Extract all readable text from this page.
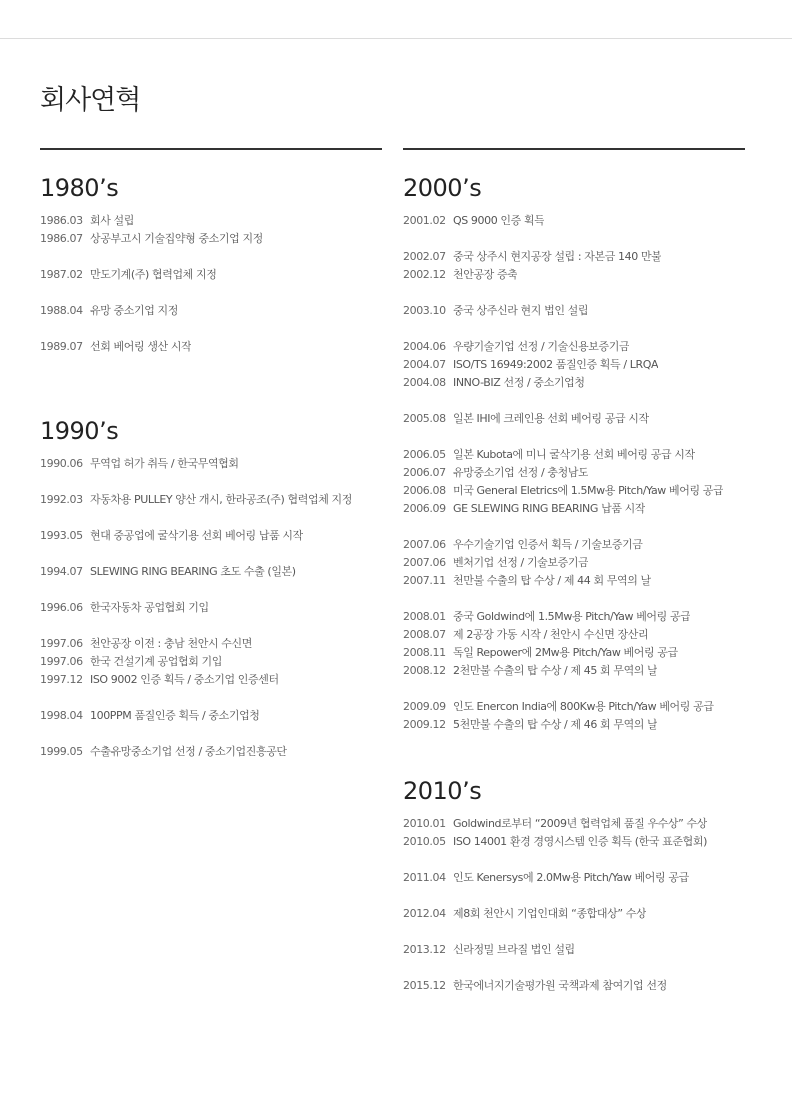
회사연혁
1980’s
1986.03 회사 설립
1986.07 상공부고시 기술집약형 중소기업 지정
1987.02 만도기계(주) 협력업체 지정
1988.04 유망 중소기업 지정
1989.07 선회 베어링 생산 시작
1990’s
1990.06 무역업 허가 취득 / 한국무역협회
1992.03 자동차용 PULLEY 양산 개시, 한라공조(주) 협력업체 지정
1993.05 현대 중공업에 굴삭기용 선회 베어링 납품 시작
1994.07 SLEWING RING BEARING 초도 수출 (일본)
1996.06 한국자동차 공업협회 기입
1997.06 천안공장 이전 : 충남 천안시 수신면
1997.06 한국 건설기계 공업협회 기입
1997.12 ISO 9002 인증 획득 / 중소기업 인증센터
1998.04 100PPM 품질인증 획득 / 중소기업청
1999.05 수출유망중소기업 선정 / 중소기업진흥공단
2000’s
2001.02 QS 9000 인증 획득
2002.07 중국 상주시 현지공장 설립 : 자본금 140 만불
2002.12 천안공장 증축
2003.10 중국 상주신라 현지 법인 설립
2004.06 우량기술기업 선정 / 기술신용보증기금
2004.07 ISO/TS 16949:2002 품질인증 획득 / LRQA
2004.08 INNO-BIZ 선정 / 중소기업청
2005.08 일본 IHI에 크레인용 선회 베어링 공급 시작
2006.05 일본 Kubota에 미니 굴삭기용 선회 베어링 공급 시작
2006.07 유망중소기업 선정 / 충청남도
2006.08 미국 General Eletrics에 1.5Mw용 Pitch/Yaw 베어링 공급
2006.09 GE SLEWING RING BEARING 납품 시작
2007.06 우수기술기업 인증서 획득 / 기술보증기금
2007.06 벤처기업 선정 / 기술보증기금
2007.11 천만불 수출의 탑 수상 / 제 44 회 무역의 날
2008.01 중국 Goldwind에 1.5Mw용 Pitch/Yaw 베어링 공급
2008.07 제 2공장 가동 시작 / 천안시 수신면 장산리
2008.11 독일 Repower에 2Mw용 Pitch/Yaw 베어링 공급
2008.12 2천만불 수출의 탑 수상 / 제 45 회 무역의 날
2009.09 인도 Enercon India에 800Kw용 Pitch/Yaw 베어링 공급
2009.12 5천만불 수출의 탑 수상 / 제 46 회 무역의 날
2010’s
2010.01 Goldwind로부터 “2009년 협력업체 품질 우수상” 수상
2010.05 ISO 14001 환경 경영시스템 인증 획득 (한국 표준협회)
2011.04 인도 Kenersys에 2.0Mw용 Pitch/Yaw 베어링 공급
2012.04 제8회 천안시 기업인대회 “종합대상” 수상
2013.12 신라정밀 브라질 법인 설립
2015.12 한국에너지기술평가원 국책과제 참여기업 선정
